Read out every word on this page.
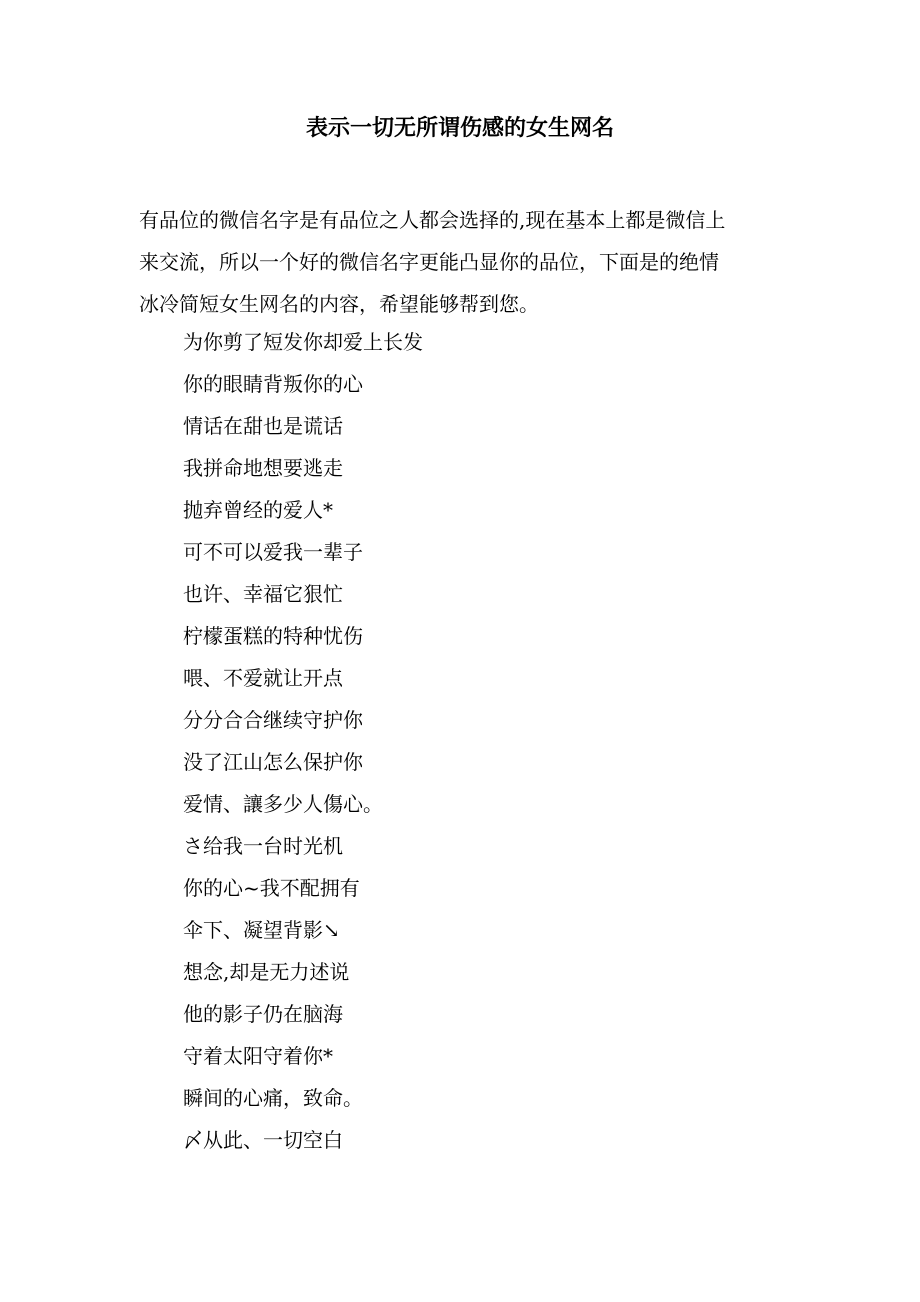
表示一切无所谓伤感的女生网名

有品位的微信名字是有品位之人都会选择的,现在基本上都是微信上
来交流，所以一个好的微信名字更能凸显你的品位，下面是的绝情
冰冷简短女生网名的内容，希望能够帮到您。

为你剪了短发你却爱上长发
你的眼睛背叛你的心
情话在甜也是谎话
我拼命地想要逃走
抛弃曾经的爱人*
可不可以爱我一辈子
也许、幸福它狠忙
柠檬蛋糕的特种忧伤
喂、不爱就让开点
分分合合继续守护你
没了江山怎么保护你
爱情、讓多少人傷心。
さ给我一台时光机
你的心~我不配拥有
伞下、凝望背影↘
想念,却是无力述说
他的影子仍在脑海
守着太阳守着你*
瞬间的心痛，致命。
〆从此、一切空白
